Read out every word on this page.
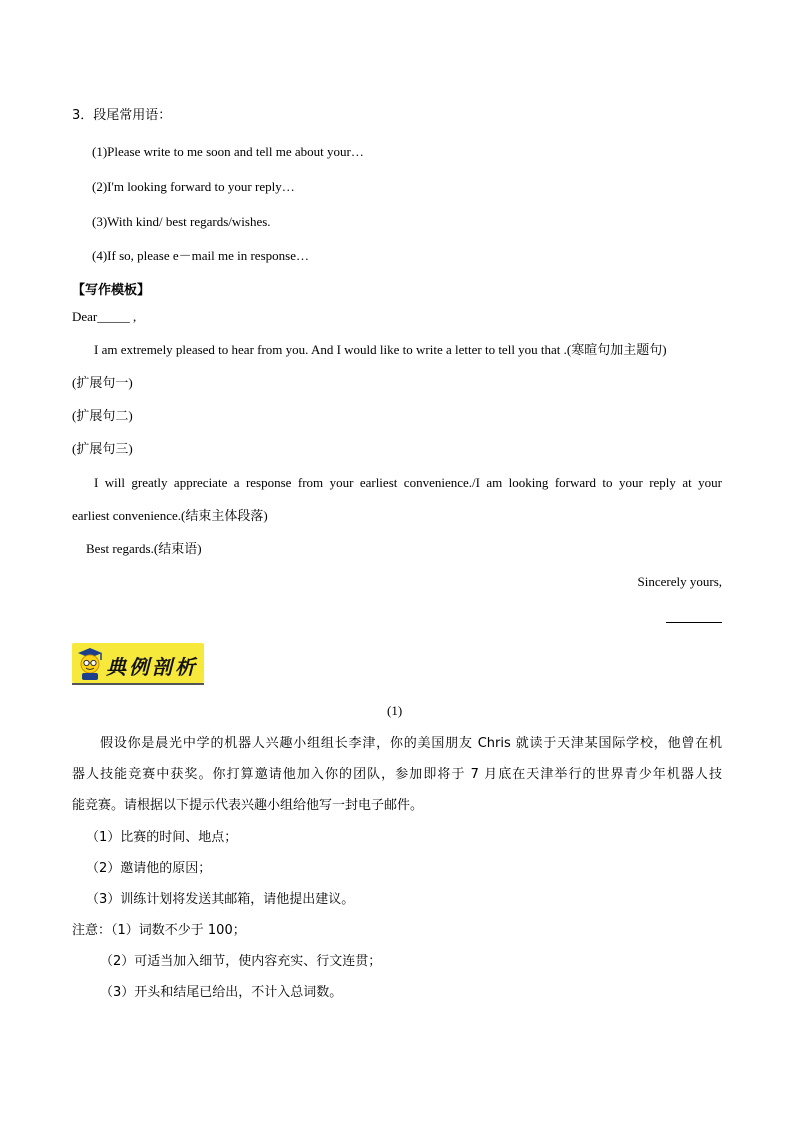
3．段尾常用语：
(1)Please write to me soon and tell me about your…
(2)I'm looking forward to your reply…
(3)With kind/ best regards/wishes.
(4)If so, please e－mail me in response…
【写作模板】
Dear_____ ,
I am extremely pleased to hear from you. And I would like to write a letter to tell you that .(寒暄句加主题句)
(扩展句一)
(扩展句二)
(扩展句三)
I will greatly appreciate a response from your earliest convenience./I am looking forward to your reply at your
earliest convenience.(结束主体段落)
Best regards.(结束语)
Sincerely yours,
典例剖析
(1)
假设你是晨光中学的机器人兴趣小组组长李津，你的美国朋友 Chris 就读于天津某国际学校，他曾在机
器人技能竞赛中获奖。你打算邀请他加入你的团队，参加即将于 7 月底在天津举行的世界青少年机器人技
能竞赛。请根据以下提示代表兴趣小组给他写一封电子邮件。
（1）比赛的时间、地点；
（2）邀请他的原因；
（3）训练计划将发送其邮箱，请他提出建议。
注意：（1）词数不少于 100；
（2）可适当加入细节，使内容充实、行文连贯；
（3）开头和结尾已给出，不计入总词数。
